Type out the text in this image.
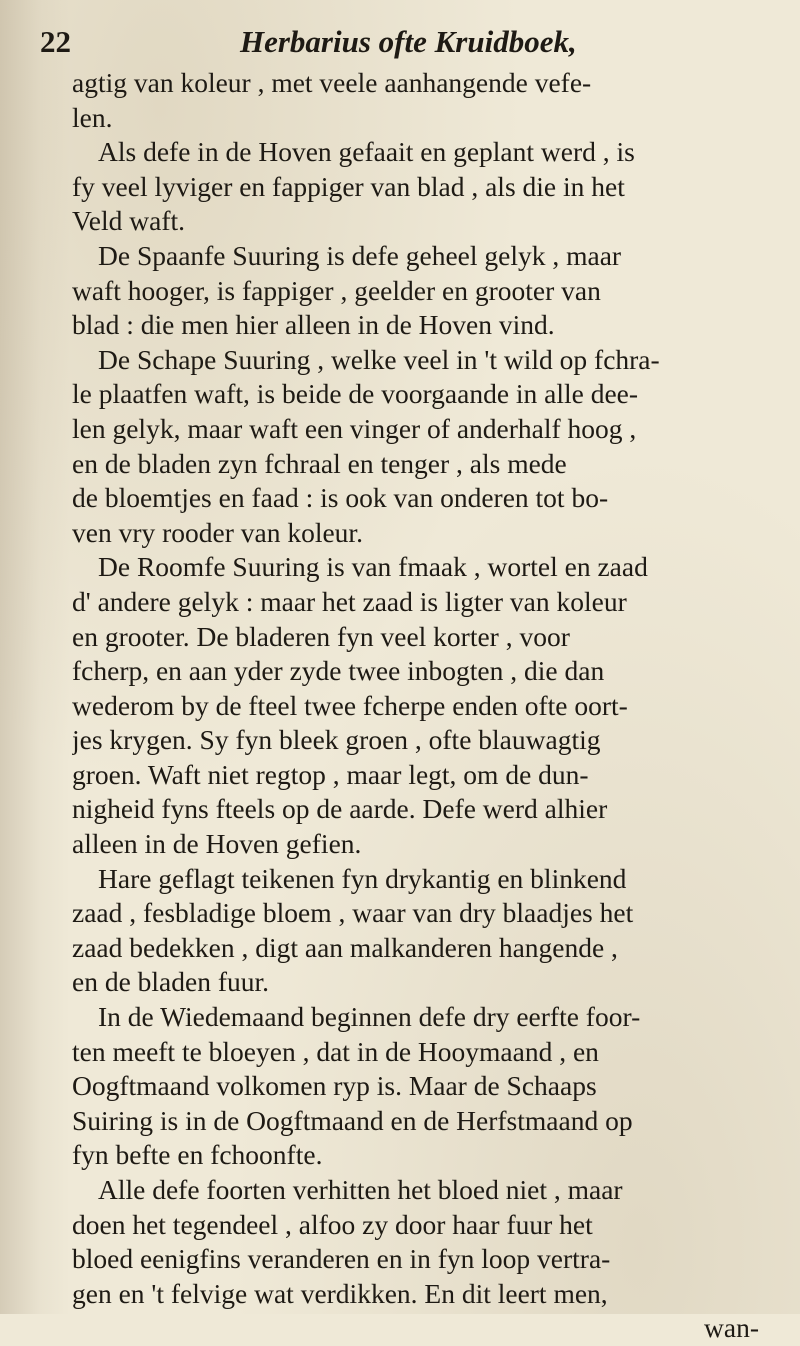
22	Herbarius ofte Kruidboek,
agtig van koleur , met veele aanhangende vefe-
len.
Als defe in de Hoven gefaait en geplant werd , is
fy veel lyviger en fappiger van blad , als die in het
Veld waft.
De Spaanfe Suuring is defe geheel gelyk , maar
waft hooger, is fappiger , geelder en grooter van
blad : die men hier alleen in de Hoven vind.
De Schape Suuring , welke veel in 't wild op fchra-
le plaatfen waft, is beide de voorgaande in alle dee-
len gelyk, maar waft een vinger of anderhalf hoog ,
en de bladen zyn fchraal en tenger , als mede
de bloemtjes en faad : is ook van onderen tot bo-
ven vry rooder van koleur.
De Roomfe Suuring is van fmaak , wortel en zaad
d' andere gelyk : maar het zaad is ligter van koleur
en grooter. De bladeren fyn veel korter , voor
fcherp, en aan yder zyde twee inbogten , die dan
wederom by de fteel twee fcherpe enden ofte oort-
jes krygen. Sy fyn bleek groen , ofte blauwagtig
groen. Waft niet regtop , maar legt, om de dun-
nigheid fyns fteels op de aarde. Defe werd alhier
alleen in de Hoven gefien.
Hare geflagt teikenen fyn drykantig en blinkend
zaad , fesbladige bloem , waar van dry blaadjes het
zaad bedekken , digt aan malkanderen hangende ,
en de bladen fuur.
In de Wiedemaand beginnen defe dry eerfte foor-
ten meeft te bloeyen , dat in de Hooymaand , en
Oogftmaand volkomen ryp is. Maar de Schaaps
Suiring is in de Oogftmaand en de Herfstmaand op
fyn befte en fchoonfte.
Alle defe foorten verhitten het bloed niet , maar
doen het tegendeel , alfoo zy door haar fuur het
bloed eenigfins veranderen en in fyn loop vertra-
gen en 't felvige wat verdikken. En dit leert men,
wan-
